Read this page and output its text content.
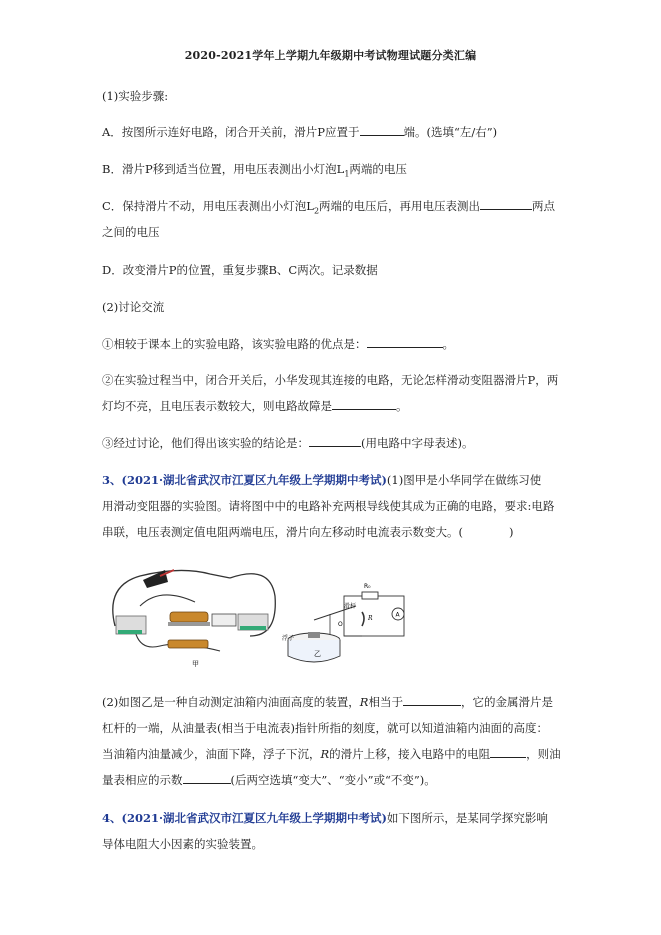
2020-2021学年上学期九年级期中考试物理试题分类汇编
(1)实验步骤:
A．按图所示连好电路，闭合开关前，滑片P应置于	端。(选填“左/右”)
B．滑片P移到适当位置，用电压表测出小灯泡$L_1$两端的电压
C．保持滑片不动，用电压表测出小灯泡$L_2$两端的电压后，再用电压表测出	两点
之间的电压
D．改变滑片P的位置，重复步骤B、C两次。记录数据
(2)讨论交流
①相较于课本上的实验电路，该实验电路的优点是：	。
②在实验过程当中，闭合开关后，小华发现其连接的电路，无论怎样滑动变阻器滑片P，两
灯均不亮，且电压表示数较大，则电路故障是	。
③经过讨论，他们得出该实验的结论是：	(用电路中字母表述)。
3、(2021·湖北省武汉市江夏区九年级上学期期中考试)(1)图甲是小华同学在做练习使
用滑动变阻器的实验图。请将图中中的电路补充两根导线使其成为正确的电路，要求:电路
串联，电压表测定值电阻两端电压，滑片向左移动时电流表示数变大。(　　　　)
甲
R₀
A
R
滑杆
O
浮子
乙
(2)如图乙是一种自动测定油箱内油面高度的装置，R相当于	，它的金属滑片是
杠杆的一端，从油量表(相当于电流表)指针所指的刻度，就可以知道油箱内油面的高度：
当油箱内油量减少，油面下降，浮子下沉，R的滑片上移，接入电路中的电阻	，则油
量表相应的示数	(后两空选填“变大”、“变小”或“不变”)。
4、(2021·湖北省武汉市江夏区九年级上学期期中考试)如下图所示，是某同学探究影响
导体电阻大小因素的实验装置。
